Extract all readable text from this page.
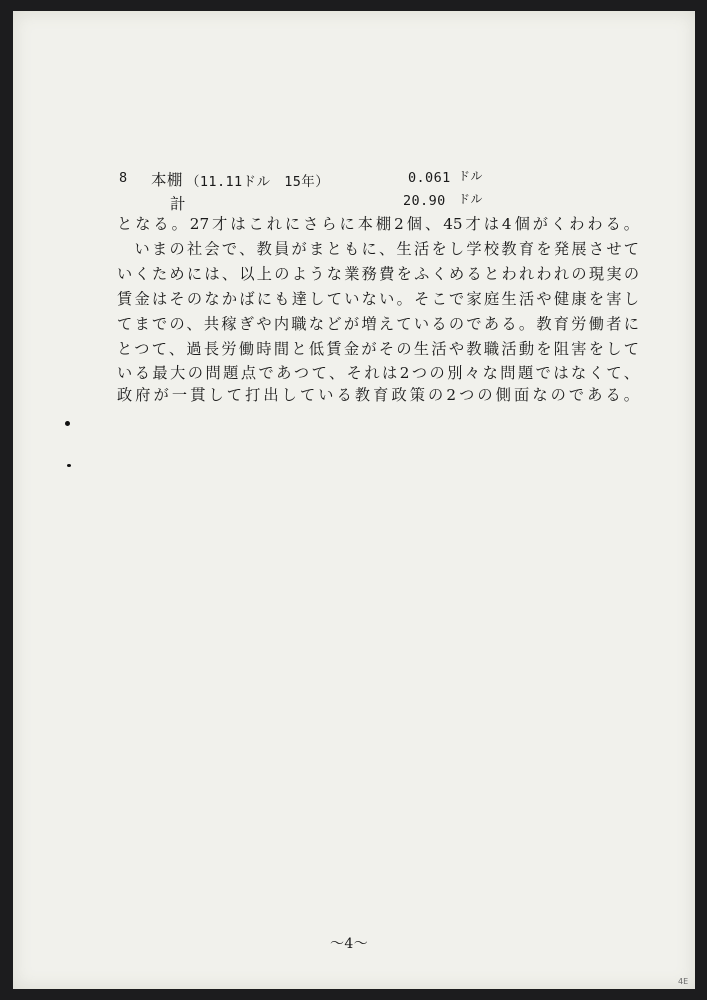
8 本棚 （11.11ドル　15年）	0.061 ドル
計	20.90 ドル
となる。27才はこれにさらに本棚2個、45才は4個がくわわる。
　いまの社会で、教員がまともに、生活をし学校教育を発展させて
いくためには、以上のような業務費をふくめるとわれわれの現実の
賃金はそのなかばにも達していない。そこで家庭生活や健康を害し
てまでの、共稼ぎや内職などが増えているのである。教育労働者に
とつて、過長労働時間と低賃金がその生活や教職活動を阻害をして
いる最大の問題点であつて、それは2つの別々な問題ではなくて、
政府が一貫して打出している教育政策の2つの側面なのである。
～4～
4E
